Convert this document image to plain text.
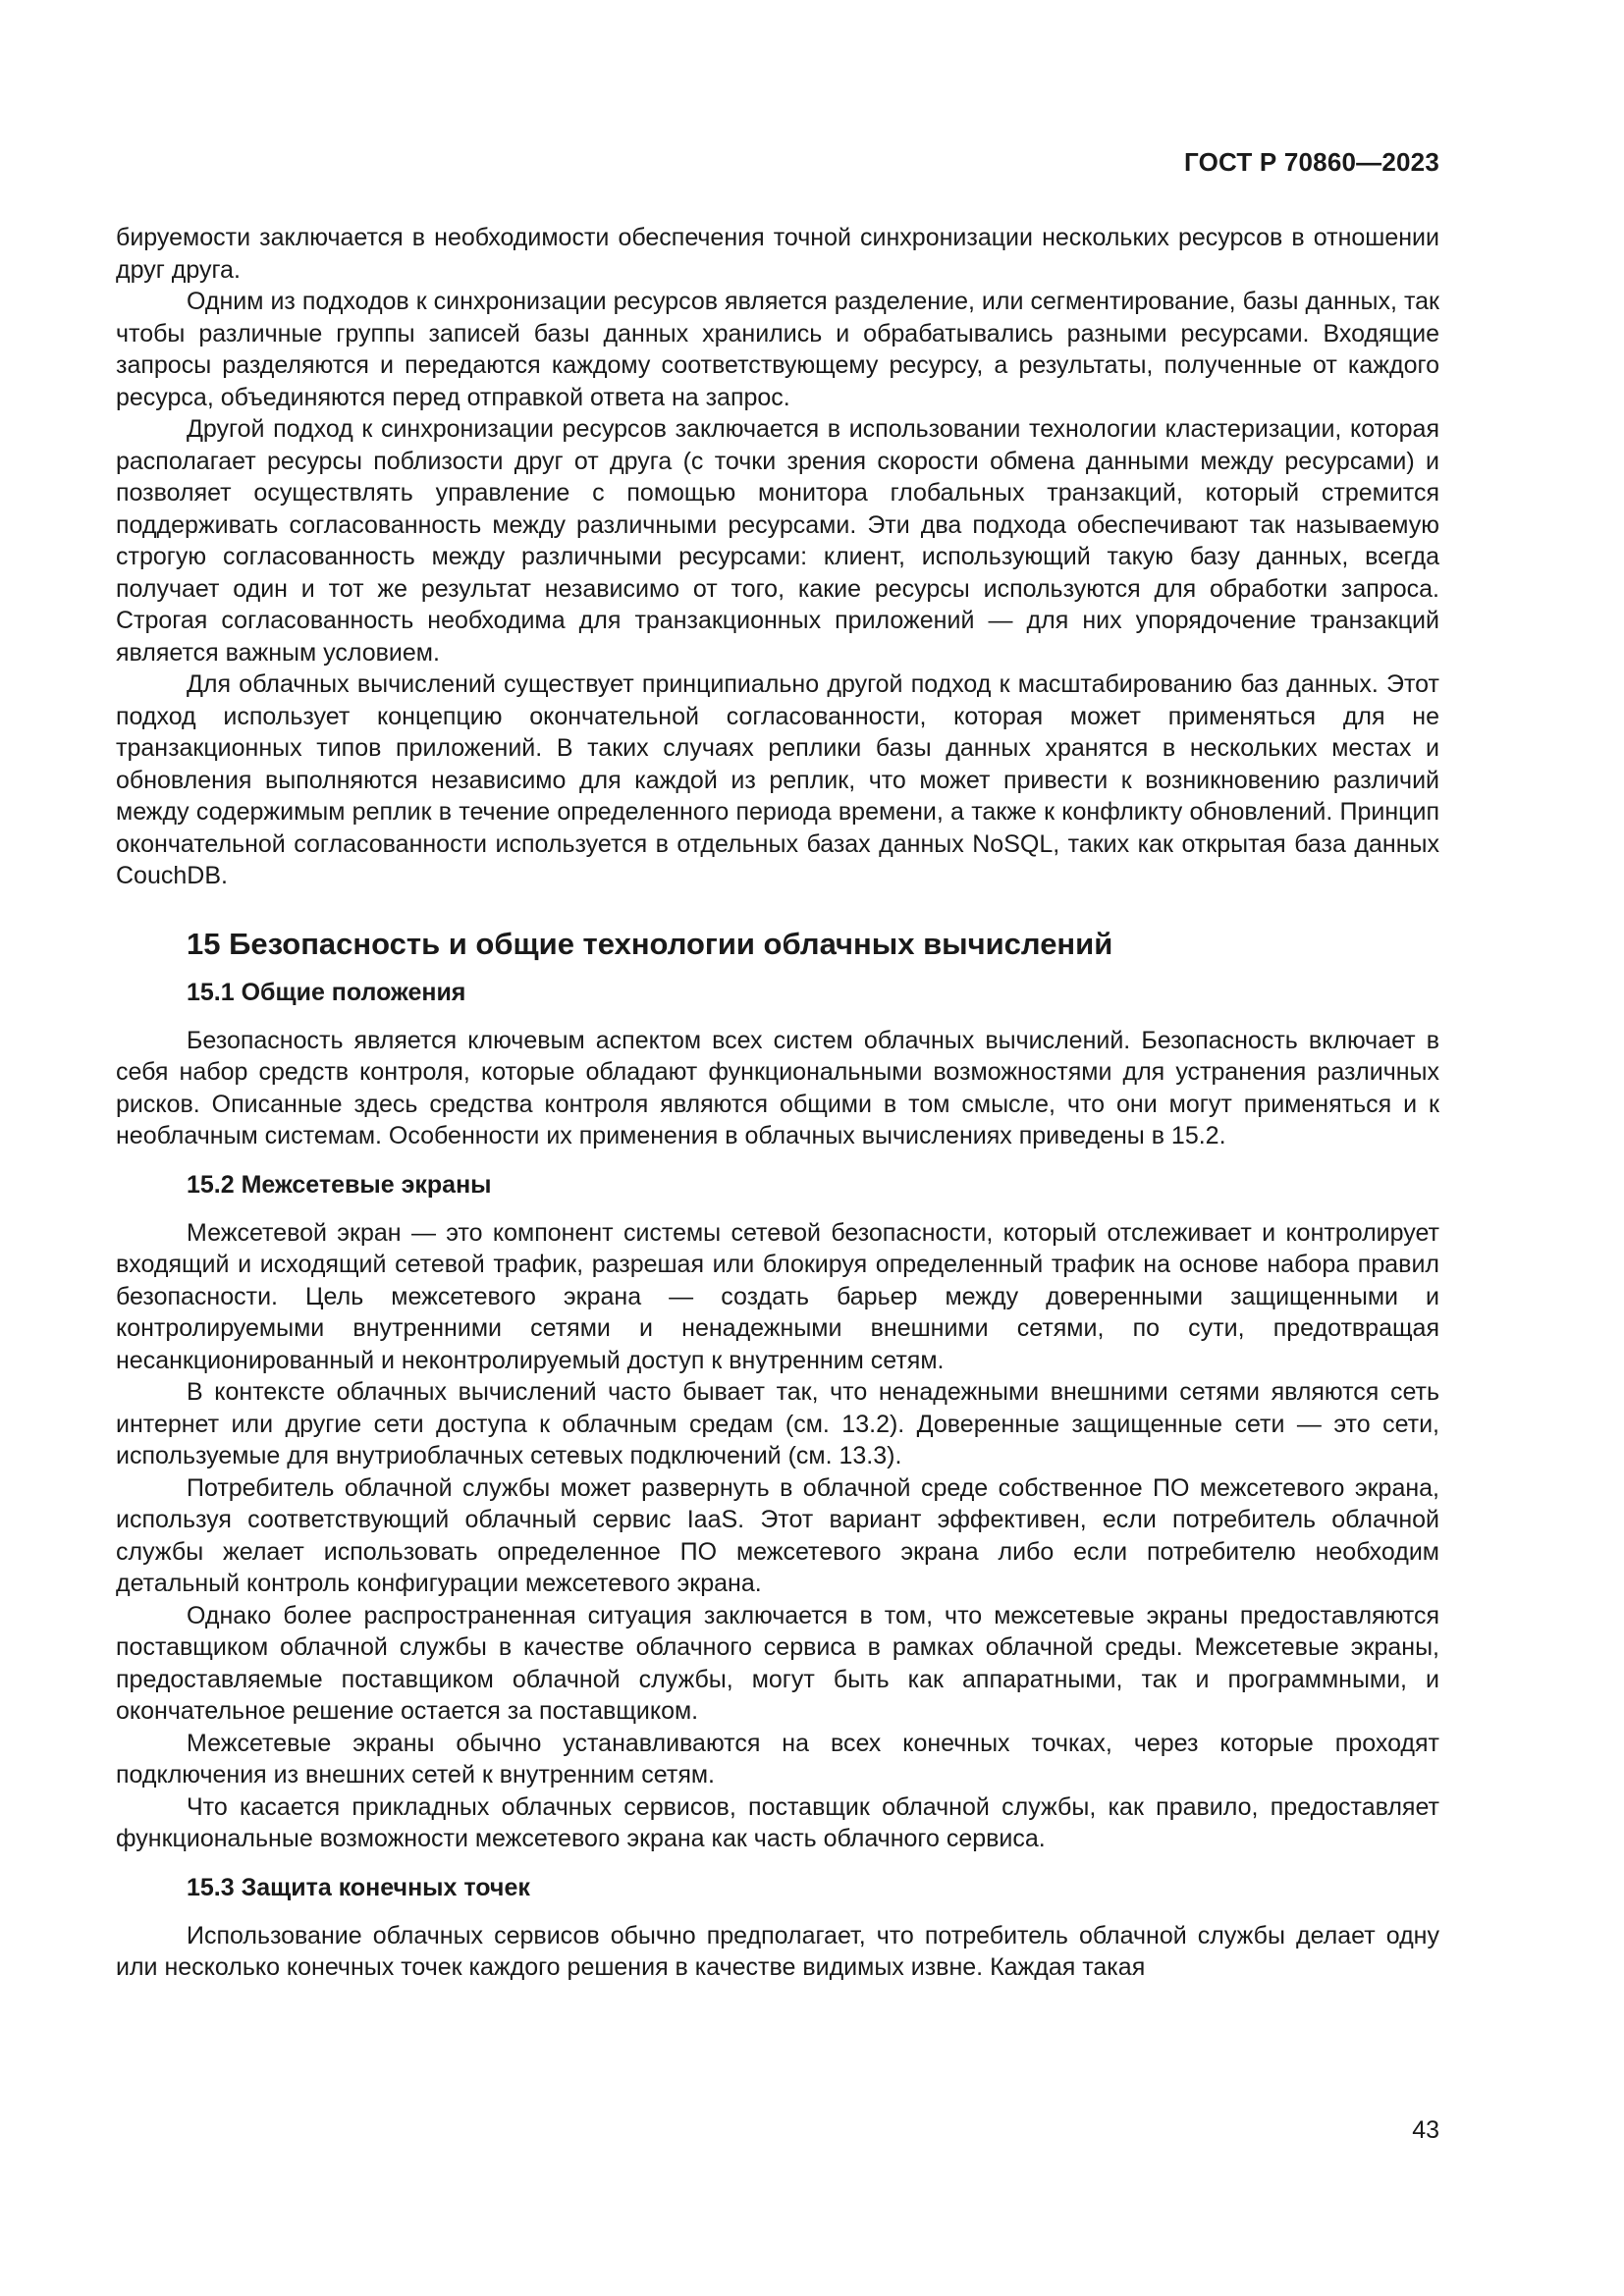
ГОСТ Р 70860—2023

бируемости заключается в необходимости обеспечения точной синхронизации нескольких ресурсов в отношении друг друга.

Одним из подходов к синхронизации ресурсов является разделение, или сегментирование, базы данных, так чтобы различные группы записей базы данных хранились и обрабатывались разными ресурсами. Входящие запросы разделяются и передаются каждому соответствующему ресурсу, а результаты, полученные от каждого ресурса, объединяются перед отправкой ответа на запрос.

Другой подход к синхронизации ресурсов заключается в использовании технологии кластеризации, которая располагает ресурсы поблизости друг от друга (с точки зрения скорости обмена данными между ресурсами) и позволяет осуществлять управление с помощью монитора глобальных транзакций, который стремится поддерживать согласованность между различными ресурсами. Эти два подхода обеспечивают так называемую строгую согласованность между различными ресурсами: клиент, использующий такую базу данных, всегда получает один и тот же результат независимо от того, какие ресурсы используются для обработки запроса. Строгая согласованность необходима для транзакционных приложений — для них упорядочение транзакций является важным условием.

Для облачных вычислений существует принципиально другой подход к масштабированию баз данных. Этот подход использует концепцию окончательной согласованности, которая может применяться для не транзакционных типов приложений. В таких случаях реплики базы данных хранятся в нескольких местах и обновления выполняются независимо для каждой из реплик, что может привести к возникновению различий между содержимым реплик в течение определенного периода времени, а также к конфликту обновлений. Принцип окончательной согласованности используется в отдельных базах данных NoSQL, таких как открытая база данных CouchDB.

15 Безопасность и общие технологии облачных вычислений
15.1 Общие положения

Безопасность является ключевым аспектом всех систем облачных вычислений. Безопасность включает в себя набор средств контроля, которые обладают функциональными возможностями для устранения различных рисков. Описанные здесь средства контроля являются общими в том смысле, что они могут применяться и к необлачным системам. Особенности их применения в облачных вычислениях приведены в 15.2.

15.2 Межсетевые экраны

Межсетевой экран — это компонент системы сетевой безопасности, который отслеживает и контролирует входящий и исходящий сетевой трафик, разрешая или блокируя определенный трафик на основе набора правил безопасности. Цель межсетевого экрана — создать барьер между доверенными защищенными и контролируемыми внутренними сетями и ненадежными внешними сетями, по сути, предотвращая несанкционированный и неконтролируемый доступ к внутренним сетям.

В контексте облачных вычислений часто бывает так, что ненадежными внешними сетями являются сеть интернет или другие сети доступа к облачным средам (см. 13.2). Доверенные защищенные сети — это сети, используемые для внутриоблачных сетевых подключений (см. 13.3).

Потребитель облачной службы может развернуть в облачной среде собственное ПО межсетевого экрана, используя соответствующий облачный сервис IaaS. Этот вариант эффективен, если потребитель облачной службы желает использовать определенное ПО межсетевого экрана либо если потребителю необходим детальный контроль конфигурации межсетевого экрана.

Однако более распространенная ситуация заключается в том, что межсетевые экраны предоставляются поставщиком облачной службы в качестве облачного сервиса в рамках облачной среды. Межсетевые экраны, предоставляемые поставщиком облачной службы, могут быть как аппаратными, так и программными, и окончательное решение остается за поставщиком.

Межсетевые экраны обычно устанавливаются на всех конечных точках, через которые проходят подключения из внешних сетей к внутренним сетям.

Что касается прикладных облачных сервисов, поставщик облачной службы, как правило, предоставляет функциональные возможности межсетевого экрана как часть облачного сервиса.

15.3 Защита конечных точек

Использование облачных сервисов обычно предполагает, что потребитель облачной службы делает одну или несколько конечных точек каждого решения в качестве видимых извне. Каждая такая

43
